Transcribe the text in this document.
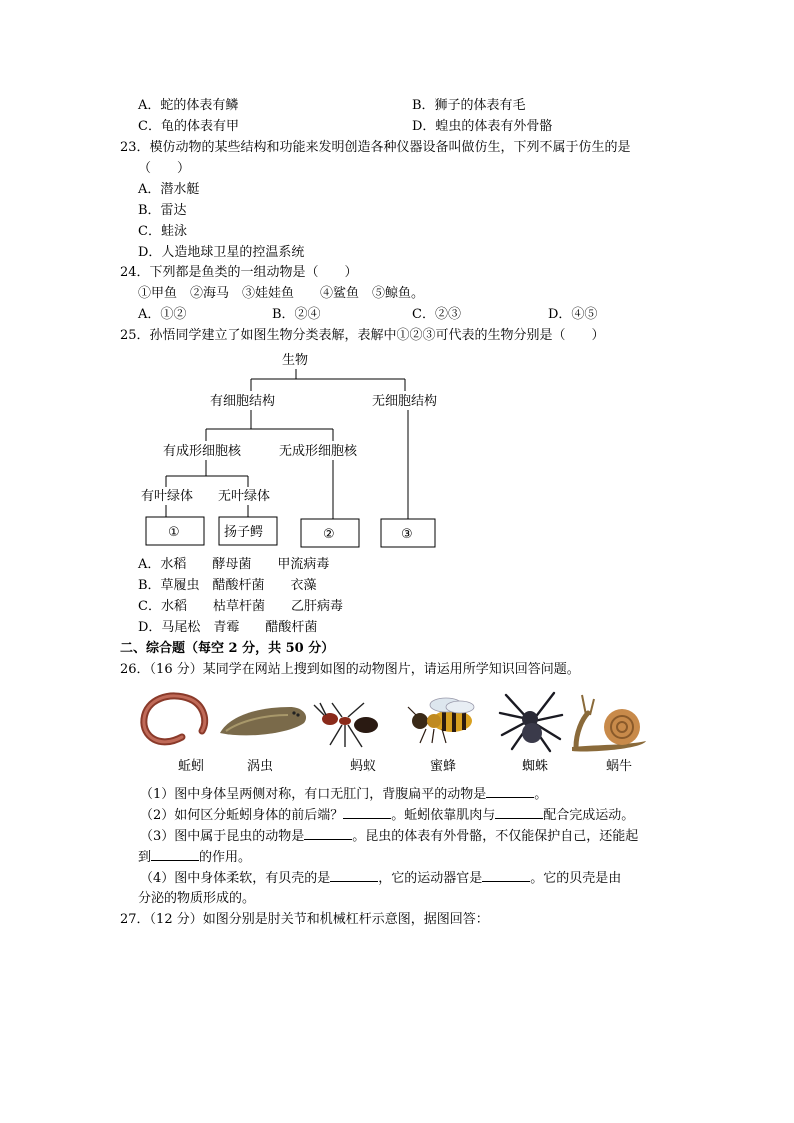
A．蛇的体表有鳞	B．狮子的体表有毛
C．龟的体表有甲	D．蝗虫的体表有外骨骼
23．模仿动物的某些结构和功能来发明创造各种仪器设备叫做仿生，下列不属于仿生的是
（　　）
A．潜水艇
B．雷达
C．蛙泳
D．人造地球卫星的控温系统
24．下列都是鱼类的一组动物是（　　）
①甲鱼　②海马　③娃娃鱼　　④鲨鱼　⑤鲸鱼。
A．①②	B．②④	C．②③	D．④⑤
25．孙悟同学建立了如图生物分类表解，表解中①②③可代表的生物分别是（　　）
生物
有细胞结构	无细胞结构
有成形细胞核	无成形细胞核
有叶绿体 无叶绿体
①	扬子鳄	②	③
A．水稻　　酵母菌　　甲流病毒
B．草履虫　醋酸杆菌　　衣藻
C．水稻　　枯草杆菌　　乙肝病毒
D．马尾松　青霉　　醋酸杆菌
二、综合题（每空 2 分，共 50 分）
26．（16 分）某同学在网站上搜到如图的动物图片，请运用所学知识回答问题。
蚯蚓	涡虫	蚂蚁	蜜蜂	蜘蛛	蜗牛
（1）图中身体呈两侧对称，有口无肛门，背腹扁平的动物是	。
（2）如何区分蚯蚓身体的前后端？	。蚯蚓依靠肌肉与	配合完成运动。
（3）图中属于昆虫的动物是	。昆虫的体表有外骨骼，不仅能保护自己，还能起
到	的作用。
（4）图中身体柔软，有贝壳的是	，它的运动器官是	。它的贝壳是由
分泌的物质形成的。
27．（12 分）如图分别是肘关节和机械杠杆示意图，据图回答：
